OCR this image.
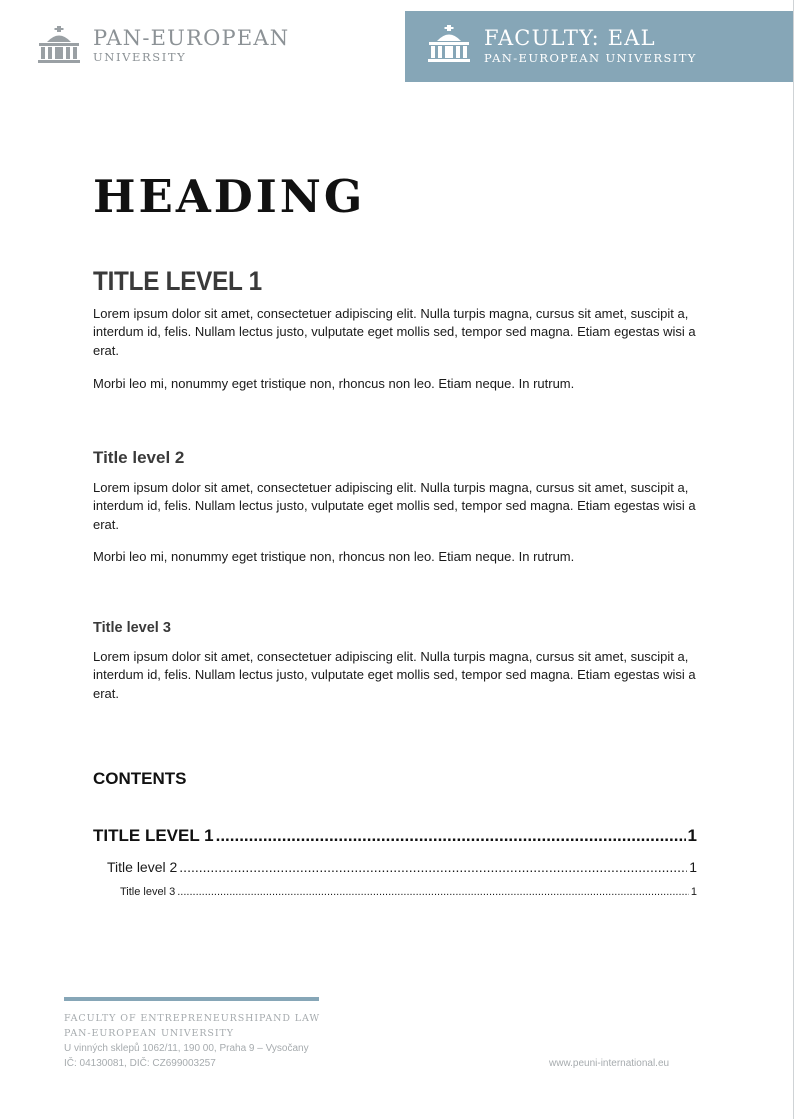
PAN-EUROPEAN
UNIVERSITY
FACULTY: EAL
PAN-EUROPEAN UNIVERSITY
HEADING
TITLE LEVEL 1

Lorem ipsum dolor sit amet, consectetuer adipiscing elit. Nulla turpis magna, cursus sit amet, suscipit a, interdum id, felis. Nullam lectus justo, vulputate eget mollis sed, tempor sed magna. Etiam egestas wisi a erat.

Morbi leo mi, nonummy eget tristique non, rhoncus non leo. Etiam neque. In rutrum.

Title level 2

Lorem ipsum dolor sit amet, consectetuer adipiscing elit. Nulla turpis magna, cursus sit amet, suscipit a, interdum id, felis. Nullam lectus justo, vulputate eget mollis sed, tempor sed magna. Etiam egestas wisi a erat.

Morbi leo mi, nonummy eget tristique non, rhoncus non leo. Etiam neque. In rutrum.

Title level 3

Lorem ipsum dolor sit amet, consectetuer adipiscing elit. Nulla turpis magna, cursus sit amet, suscipit a, interdum id, felis. Nullam lectus justo, vulputate eget mollis sed, tempor sed magna. Etiam egestas wisi a erat.

CONTENTS
TITLE LEVEL 1 .....	1
Title level 2 .....	1
Title level 3 .....	1
FACULTY OF ENTREPRENEURSHIPAND LAW
PAN-EUROPEAN UNIVERSITY
U vinných sklepů 1062/11, 190 00, Praha 9 – Vysočany
IČ: 04130081, DIČ: CZ699003257	www.peuni-international.eu
